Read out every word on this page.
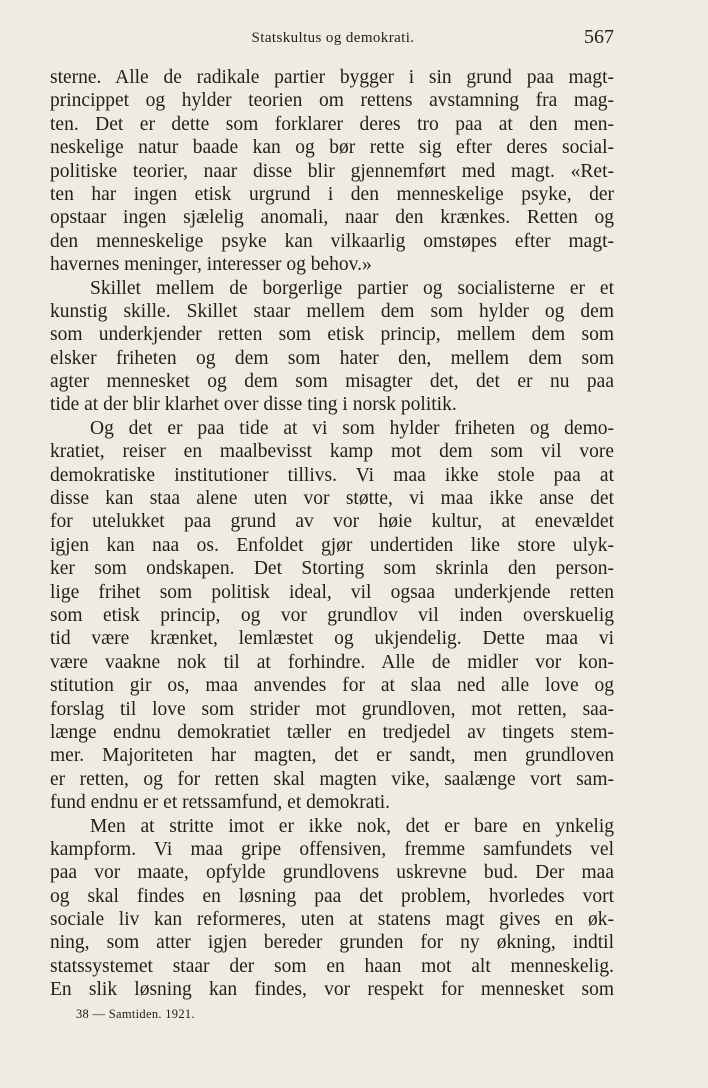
Statskultus og demokrati.	567
sterne. Alle de radikale partier bygger i sin grund paa magt-
princippet og hylder teorien om rettens avstamning fra mag-
ten. Det er dette som forklarer deres tro paa at den men-
neskelige natur baade kan og bør rette sig efter deres social-
politiske teorier, naar disse blir gjennemført med magt. «Ret-
ten har ingen etisk urgrund i den menneskelige psyke, der
opstaar ingen sjælelig anomali, naar den krænkes. Retten og
den menneskelige psyke kan vilkaarlig omstøpes efter magt-
havernes meninger, interesser og behov.»
Skillet mellem de borgerlige partier og socialisterne er et
kunstig skille. Skillet staar mellem dem som hylder og dem
som underkjender retten som etisk princip, mellem dem som
elsker friheten og dem som hater den, mellem dem som
agter mennesket og dem som misagter det, det er nu paa
tide at der blir klarhet over disse ting i norsk politik.
Og det er paa tide at vi som hylder friheten og demo-
kratiet, reiser en maalbevisst kamp mot dem som vil vore
demokratiske institutioner tillivs. Vi maa ikke stole paa at
disse kan staa alene uten vor støtte, vi maa ikke anse det
for utelukket paa grund av vor høie kultur, at enevældet
igjen kan naa os. Enfoldet gjør undertiden like store ulyk-
ker som ondskapen. Det Storting som skrinla den person-
lige frihet som politisk ideal, vil ogsaa underkjende retten
som etisk princip, og vor grundlov vil inden overskuelig
tid være krænket, lemlæstet og ukjendelig. Dette maa vi
være vaakne nok til at forhindre. Alle de midler vor kon-
stitution gir os, maa anvendes for at slaa ned alle love og
forslag til love som strider mot grundloven, mot retten, saa-
længe endnu demokratiet tæller en tredjedel av tingets stem-
mer. Majoriteten har magten, det er sandt, men grundloven
er retten, og for retten skal magten vike, saalænge vort sam-
fund endnu er et retssamfund, et demokrati.
Men at stritte imot er ikke nok, det er bare en ynkelig
kampform. Vi maa gripe offensiven, fremme samfundets vel
paa vor maate, opfylde grundlovens uskrevne bud. Der maa
og skal findes en løsning paa det problem, hvorledes vort
sociale liv kan reformeres, uten at statens magt gives en øk-
ning, som atter igjen bereder grunden for ny økning, indtil
statssystemet staar der som en haan mot alt menneskelig.
En slik løsning kan findes, vor respekt for mennesket som
38 — Samtiden. 1921.
